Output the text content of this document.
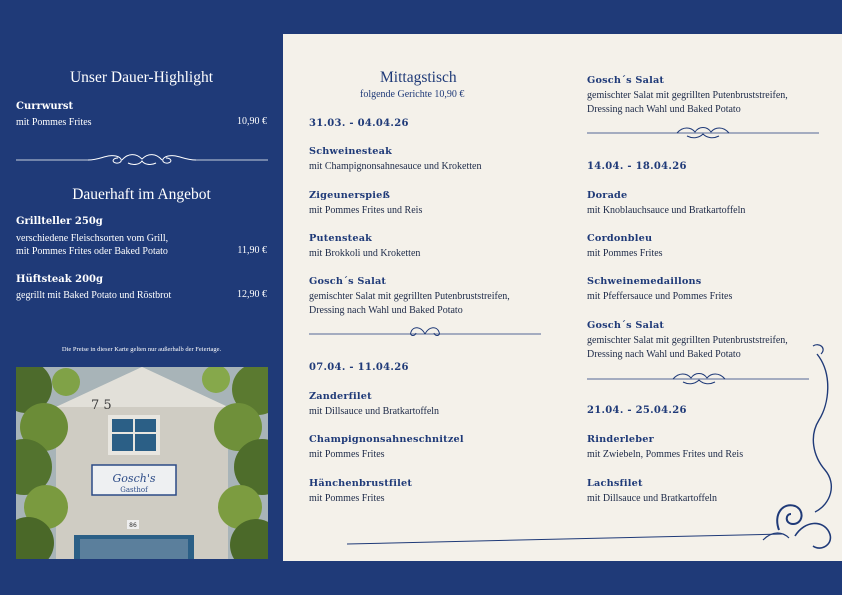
Unser Dauer-Highlight
Currwurst
mit Pommes Frites	10,90 €
Dauerhaft im Angebot
Grillteller 250g
verschiedene Fleischsorten vom Grill,
mit Pommes Frites oder Baked Potato	11,90 €
Hüftsteak 200g
gegrillt mit Baked Potato und Röstbrot	12,90 €
Die Preise in dieser Karte gelten nur außerhalb der Feiertage.
7 5
Gosch's
Gasthof
86
Mittagstisch
folgende Gerichte 10,90 €
31.03. - 04.04.26
Schweinesteak
mit Champignonsahnesauce und Kroketten
Zigeunerspieß
mit Pommes Frites und Reis
Putensteak
mit Brokkoli und Kroketten
Gosch´s Salat
gemischter Salat mit gegrillten Putenbruststreifen,
Dressing nach Wahl und Baked Potato
07.04. - 11.04.26
Zanderfilet
mit Dillsauce und Bratkartoffeln
Champignonsahneschnitzel
mit Pommes Frites
Hänchenbrustfilet
mit Pommes Frites
Gosch´s Salat
gemischter Salat mit gegrillten Putenbruststreifen,
Dressing nach Wahl und Baked Potato
14.04. - 18.04.26
Dorade
mit Knoblauchsauce und Bratkartoffeln
Cordonbleu
mit Pommes Frites
Schweinemedaillons
mit Pfeffersauce und Pommes Frites
Gosch´s Salat
gemischter Salat mit gegrillten Putenbruststreifen,
Dressing nach Wahl und Baked Potato
21.04. - 25.04.26
Rinderleber
mit Zwiebeln, Pommes Frites und Reis
Lachsfilet
mit Dillsauce und Bratkartoffeln
